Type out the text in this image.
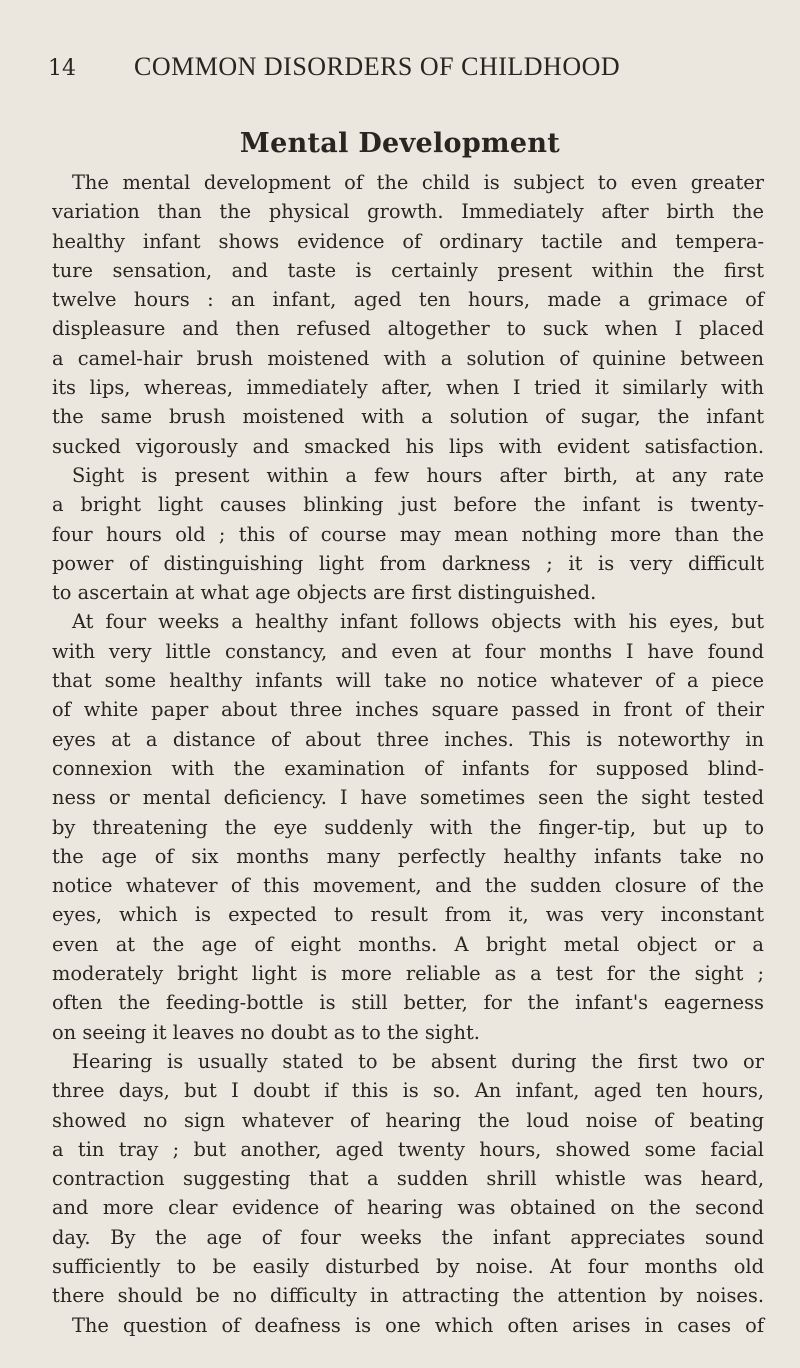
14 COMMON DISORDERS OF CHILDHOOD
Mental Development
The mental development of the child is subject to even greater
variation than the physical growth. Immediately after birth the
healthy infant shows evidence of ordinary tactile and tempera-
ture sensation, and taste is certainly present within the first
twelve hours : an infant, aged ten hours, made a grimace of
displeasure and then refused altogether to suck when I placed
a camel-hair brush moistened with a solution of quinine between
its lips, whereas, immediately after, when I tried it similarly with
the same brush moistened with a solution of sugar, the infant
sucked vigorously and smacked his lips with evident satisfaction.
Sight is present within a few hours after birth, at any rate
a bright light causes blinking just before the infant is twenty-
four hours old ; this of course may mean nothing more than the
power of distinguishing light from darkness ; it is very difficult
to ascertain at what age objects are first distinguished.
At four weeks a healthy infant follows objects with his eyes, but
with very little constancy, and even at four months I have found
that some healthy infants will take no notice whatever of a piece
of white paper about three inches square passed in front of their
eyes at a distance of about three inches. This is noteworthy in
connexion with the examination of infants for supposed blind-
ness or mental deficiency. I have sometimes seen the sight tested
by threatening the eye suddenly with the finger-tip, but up to
the age of six months many perfectly healthy infants take no
notice whatever of this movement, and the sudden closure of the
eyes, which is expected to result from it, was very inconstant
even at the age of eight months. A bright metal object or a
moderately bright light is more reliable as a test for the sight ;
often the feeding-bottle is still better, for the infant's eagerness
on seeing it leaves no doubt as to the sight.
Hearing is usually stated to be absent during the first two or
three days, but I doubt if this is so. An infant, aged ten hours,
showed no sign whatever of hearing the loud noise of beating
a tin tray ; but another, aged twenty hours, showed some facial
contraction suggesting that a sudden shrill whistle was heard,
and more clear evidence of hearing was obtained on the second
day. By the age of four weeks the infant appreciates sound
sufficiently to be easily disturbed by noise. At four months old
there should be no difficulty in attracting the attention by noises.
The question of deafness is one which often arises in cases of
